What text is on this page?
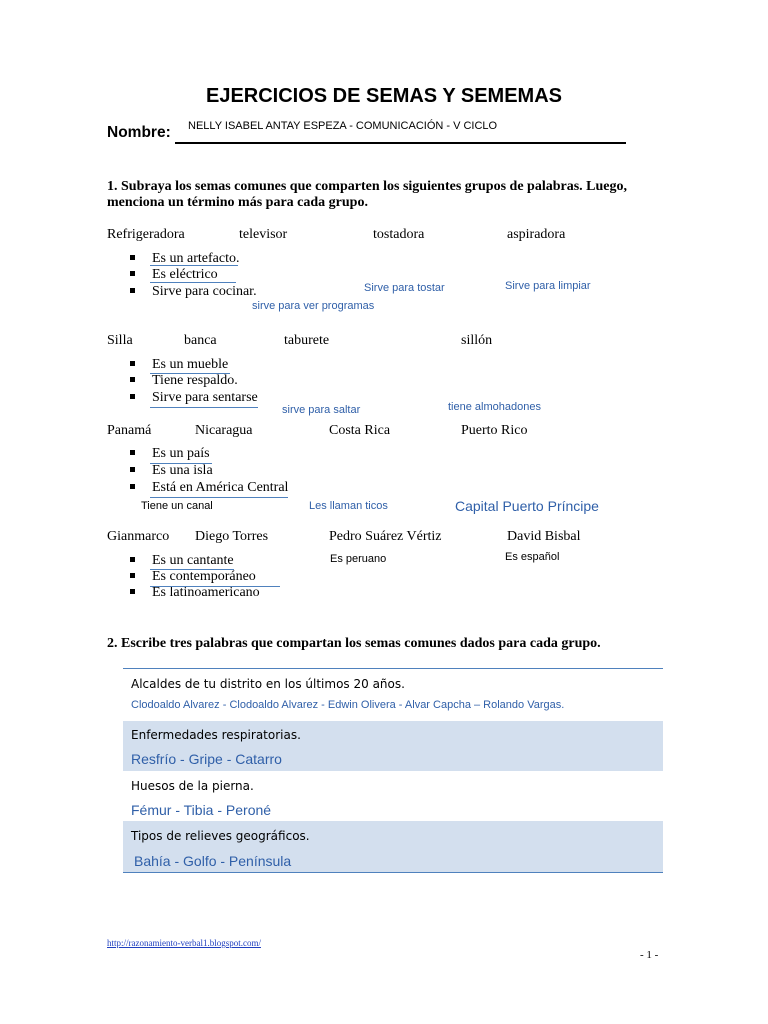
EJERCICIOS DE SEMAS Y SEMEMAS
Nombre: NELLY ISABEL ANTAY ESPEZA - COMUNICACIÓN - V CICLO
1. Subraya los semas comunes que comparten los siguientes grupos de palabras. Luego, menciona un término más para cada grupo.
Refrigeradora	televisor	tostadora	aspiradora
Es un artefacto.
Es eléctrico
Sirve para cocinar.
sirve para ver programas
Sirve para tostar	Sirve para limpiar
Silla	banca	taburete	sillón
Es un mueble
Tiene respaldo.
Sirve para sentarse
sirve para saltar	tiene almohadones
Panamá	Nicaragua	Costa Rica	Puerto Rico
Es un país
Es una isla
Está en América Central
Tiene un canal	Les llaman ticos	Capital Puerto Príncipe
Gianmarco Diego Torres	Pedro Suárez Vértiz	David Bisbal
Es un cantante
Es contemporáneo
Es latinoamericano
Es peruano	Es español
2. Escribe tres palabras que compartan los semas comunes dados para cada grupo.
Alcaldes de tu distrito en los últimos 20 años.
Clodoaldo Alvarez - Clodoaldo Alvarez - Edwin Olivera - Alvar Capcha – Rolando Vargas.
Enfermedades respiratorias.
Resfrío - Gripe - Catarro
Huesos de la pierna.
Fémur - Tibia - Peroné
Tipos de relieves geográficos.
Bahía - Golfo - Península
http://razonamiento-verbal1.blogspot.com/
- 1 -
